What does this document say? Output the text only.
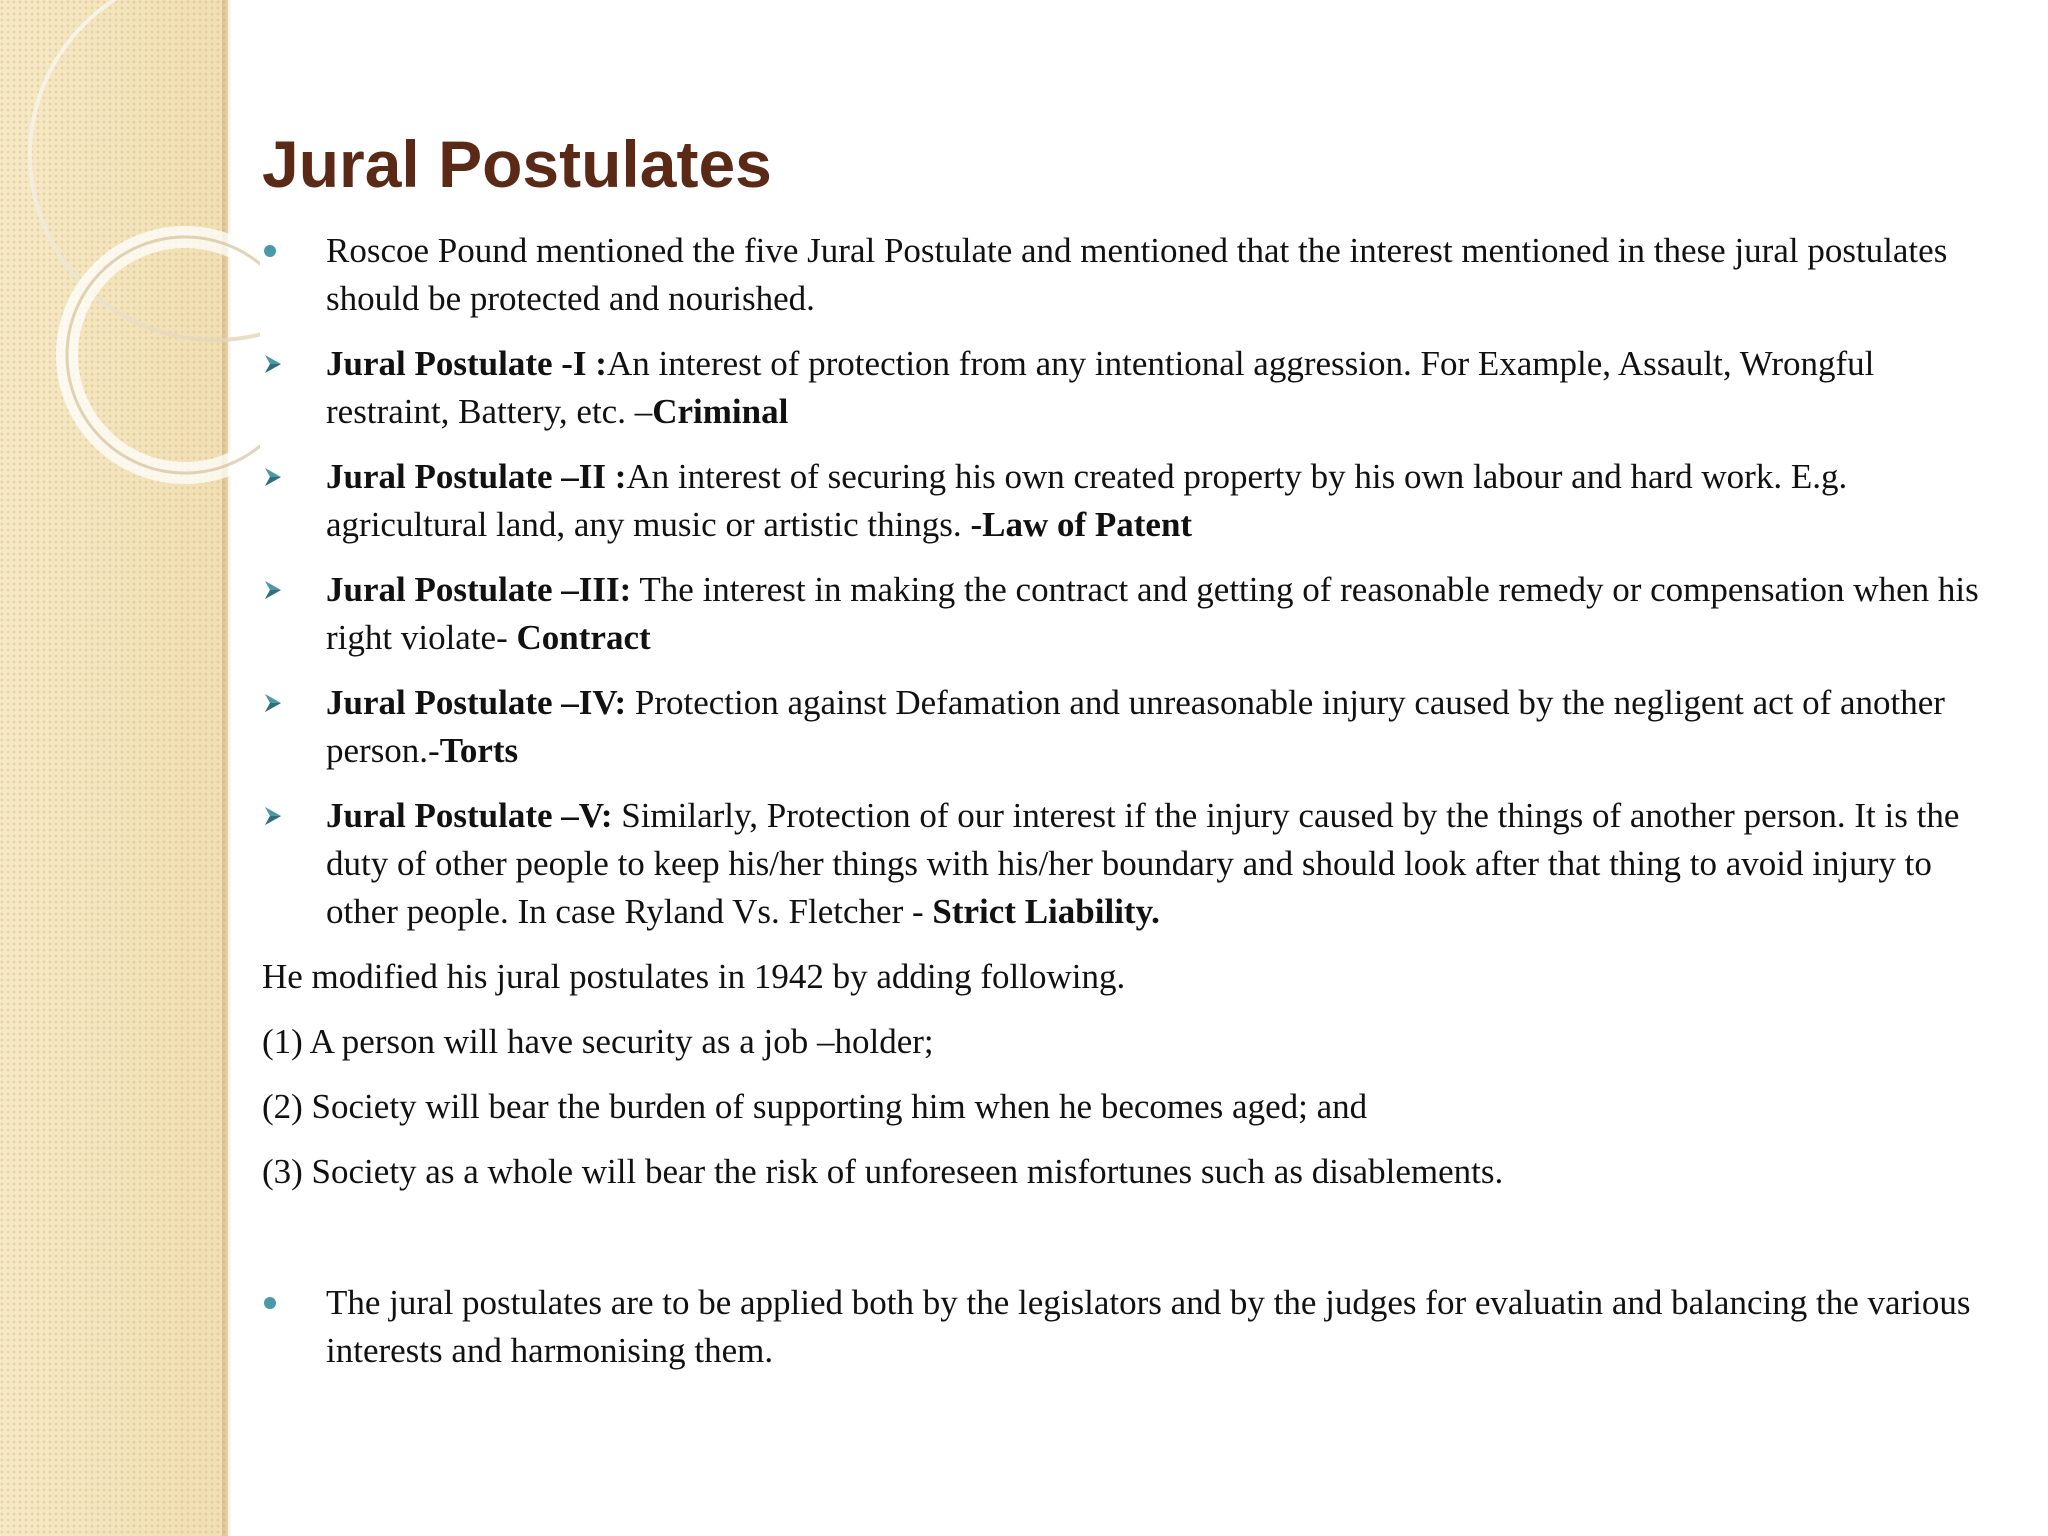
Jural Postulates
Roscoe Pound mentioned the five Jural Postulate and mentioned that the interest mentioned in these jural postulates should be protected and nourished.
Jural Postulate -I :An interest of protection from any intentional aggression. For Example, Assault, Wrongful restraint, Battery, etc. –Criminal
Jural Postulate –II :An interest of securing his own created property by his own labour and hard work. E.g. agricultural land, any music or artistic things. -Law of Patent
Jural Postulate –III: The interest in making the contract and getting of reasonable remedy or compensation when his right violate- Contract
Jural Postulate –IV: Protection against Defamation and unreasonable injury caused by the negligent act of another person.-Torts
Jural Postulate –V: Similarly, Protection of our interest if the injury caused by the things of another person. It is the duty of other people to keep his/her things with his/her boundary and should look after that thing to avoid injury to other people. In case Ryland Vs. Fletcher - Strict Liability.
He modified his jural postulates in 1942 by adding following.
(1) A person will have security as a job –holder;
(2) Society will bear the burden of supporting him when he becomes aged; and
(3) Society as a whole will bear the risk of unforeseen misfortunes such as disablements.
The jural postulates are to be applied both by the legislators and by the judges for evaluatin and balancing the various interests and harmonising them.
